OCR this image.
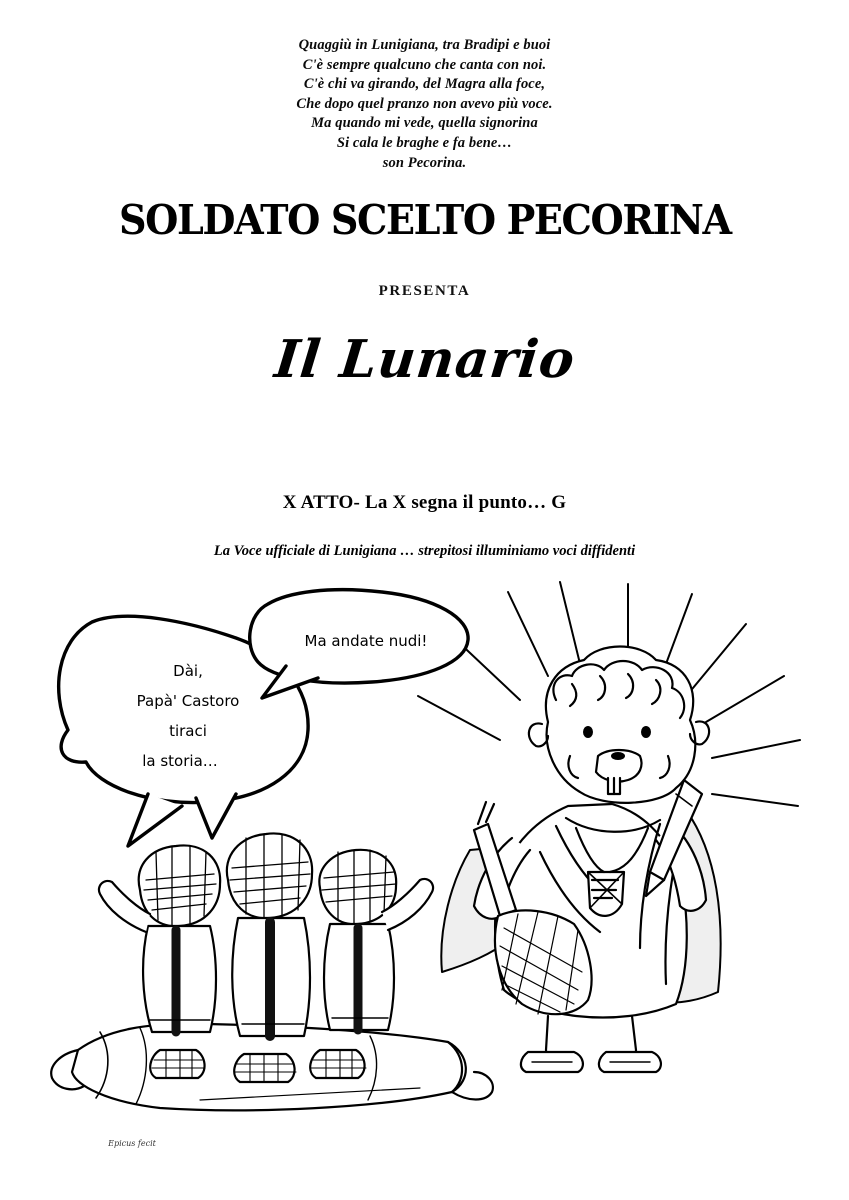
Quaggiù in Lunigiana, tra Bradipi e buoi
C'è sempre qualcuno che canta con noi.
C'è chi va girando, del Magra alla foce,
Che dopo quel pranzo non avevo più voce.
Ma quando mi vede, quella signorina
Si cala le braghe e fa bene…
son Pecorina.
SOLDATO SCELTO PECORINA
PRESENTA
Il Lunario
X ATTO- La X segna il punto… G
La Voce ufficiale di Lunigiana … strepitosi illuminiamo voci diffidenti
Dài,
Papà' Castoro
tiraci
la storia…
Ma andate nudi!
Epicus fecit
